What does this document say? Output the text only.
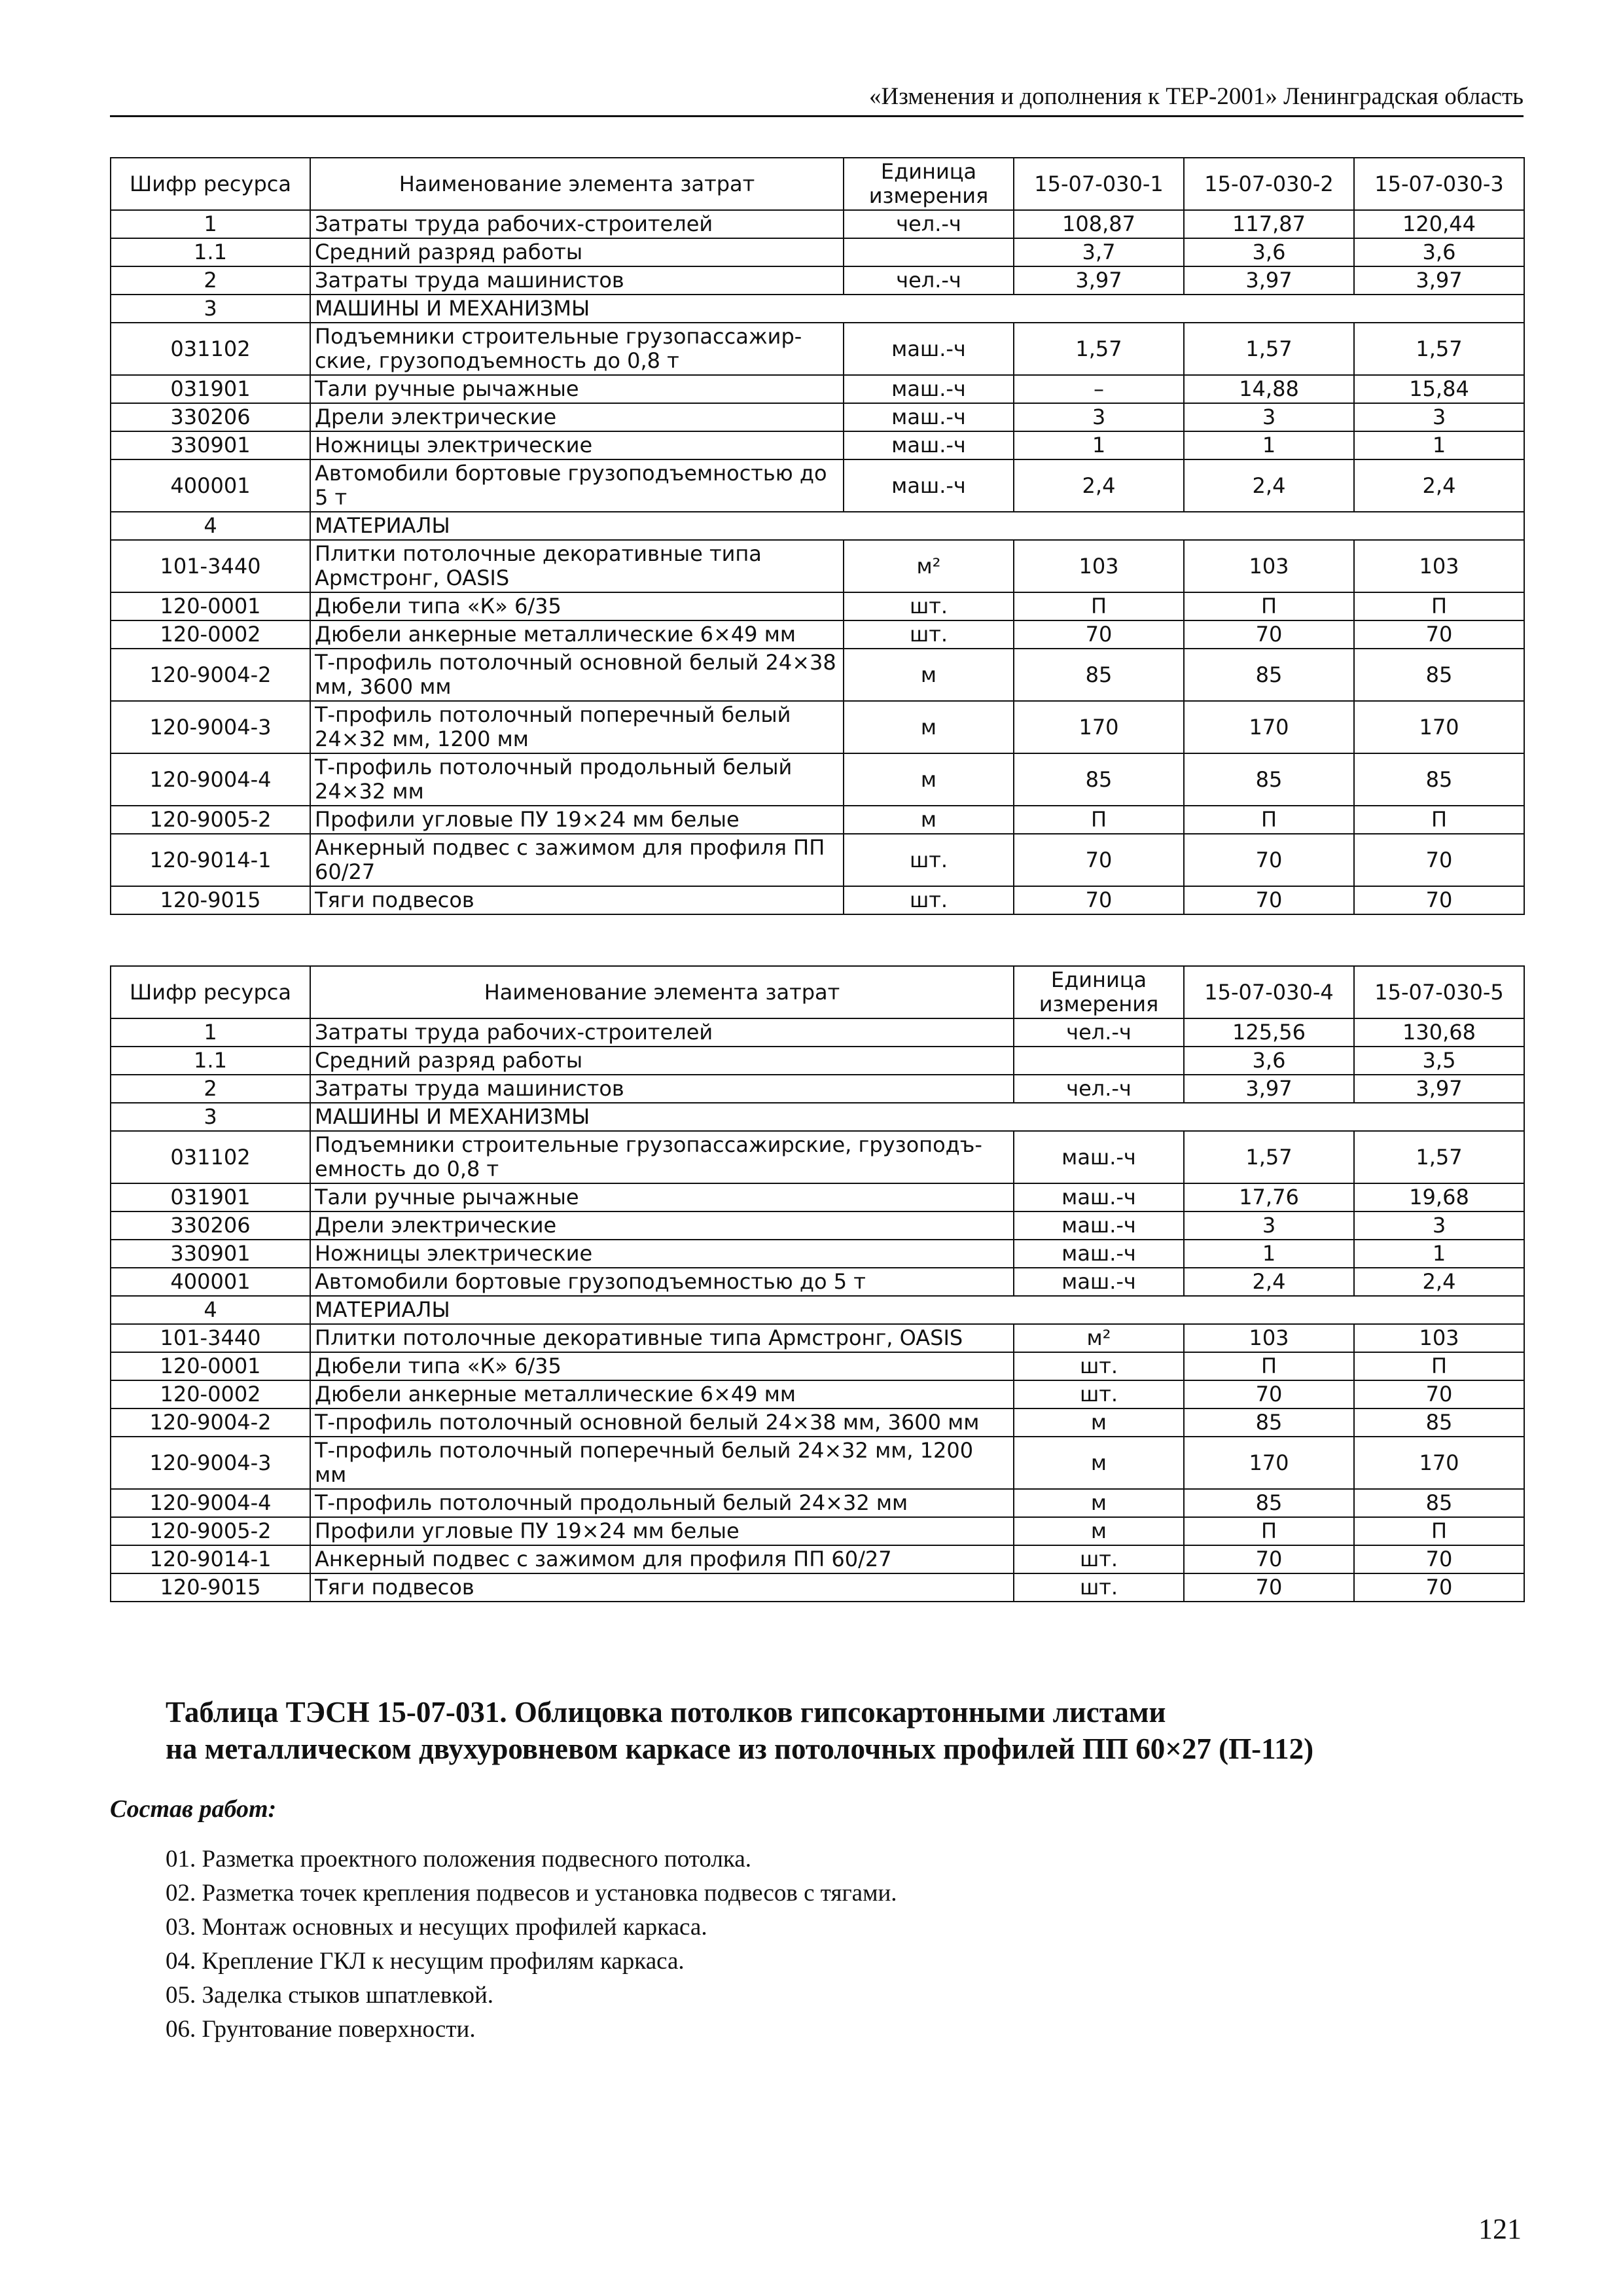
«Изменения и дополнения к ТЕР-2001» Ленинградская область
Шифр ресурса	Наименование элемента затрат	Единица измерения	15-07-030-1	15-07-030-2	15-07-030-3
1	Затраты труда рабочих-строителей	чел.-ч	108,87	117,87	120,44
1.1	Средний разряд работы		3,7	3,6	3,6
2	Затраты труда машинистов	чел.-ч	3,97	3,97	3,97
3	МАШИНЫ И МЕХАНИЗМЫ				
031102	Подъемники строительные грузопассажир-ские, грузоподъемность до 0,8 т	маш.-ч	1,57	1,57	1,57
031901	Тали ручные рычажные	маш.-ч	–	14,88	15,84
330206	Дрели электрические	маш.-ч	3	3	3
330901	Ножницы электрические	маш.-ч	1	1	1
400001	Автомобили бортовые грузоподъемностью до 5 т	маш.-ч	2,4	2,4	2,4
4	МАТЕРИАЛЫ				
101-3440	Плитки потолочные декоративные типа Армстронг, OASIS	м²	103	103	103
120-0001	Дюбели типа «К» 6/35	шт.	П	П	П
120-0002	Дюбели анкерные металлические 6×49 мм	шт.	70	70	70
120-9004-2	Т-профиль потолочный основной белый 24×38 мм, 3600 мм	м	85	85	85
120-9004-3	Т-профиль потолочный поперечный белый 24×32 мм, 1200 мм	м	170	170	170
120-9004-4	Т-профиль потолочный продольный белый 24×32 мм	м	85	85	85
120-9005-2	Профили угловые ПУ 19×24 мм белые	м	П	П	П
120-9014-1	Анкерный подвес с зажимом для профиля ПП 60/27	шт.	70	70	70
120-9015	Тяги подвесов	шт.	70	70	70
Шифр ресурса	Наименование элемента затрат	Единица измерения	15-07-030-4	15-07-030-5
1	Затраты труда рабочих-строителей	чел.-ч	125,56	130,68
1.1	Средний разряд работы		3,6	3,5
2	Затраты труда машинистов	чел.-ч	3,97	3,97
3	МАШИНЫ И МЕХАНИЗМЫ			
031102	Подъемники строительные грузопассажирские, грузоподъ-емность до 0,8 т	маш.-ч	1,57	1,57
031901	Тали ручные рычажные	маш.-ч	17,76	19,68
330206	Дрели электрические	маш.-ч	3	3
330901	Ножницы электрические	маш.-ч	1	1
400001	Автомобили бортовые грузоподъемностью до 5 т	маш.-ч	2,4	2,4
4	МАТЕРИАЛЫ			
101-3440	Плитки потолочные декоративные типа Армстронг, OASIS	м²	103	103
120-0001	Дюбели типа «К» 6/35	шт.	П	П
120-0002	Дюбели анкерные металлические 6×49 мм	шт.	70	70
120-9004-2	Т-профиль потолочный основной белый 24×38 мм, 3600 мм	м	85	85
120-9004-3	Т-профиль потолочный поперечный белый 24×32 мм, 1200 мм	м	170	170
120-9004-4	Т-профиль потолочный продольный белый 24×32 мм	м	85	85
120-9005-2	Профили угловые ПУ 19×24 мм белые	м	П	П
120-9014-1	Анкерный подвес с зажимом для профиля ПП 60/27	шт.	70	70
120-9015	Тяги подвесов	шт.	70	70
Таблица ТЭСН 15-07-031. Облицовка потолков гипсокартонными листами
на металлическом двухуровневом каркасе из потолочных профилей ПП 60×27 (П-112)
Состав работ:
01. Разметка проектного положения подвесного потолка.
02. Разметка точек крепления подвесов и установка подвесов с тягами.
03. Монтаж основных и несущих профилей каркаса.
04. Крепление ГКЛ к несущим профилям каркаса.
05. Заделка стыков шпатлевкой.
06. Грунтование поверхности.
121
